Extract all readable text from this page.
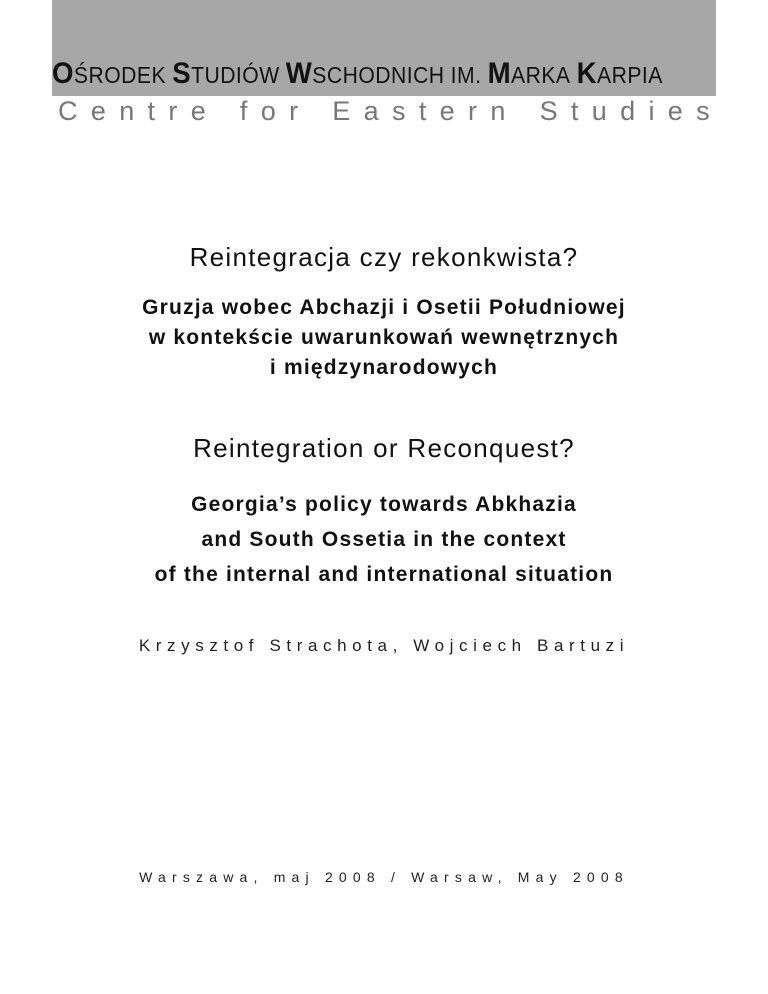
OŚRODEK STUDIÓW WSCHODNICH IM. MARKA KARPIA
C e n t r e
f o r
E a s t e r n
S t u d i e s
Reintegracja czy rekonkwista?
Gruzja wobec Abchazji i Osetii Południowej
w kontekście uwarunkowań wewnętrznych
i międzynarodowych
Reintegration or Reconquest?
Georgia’s policy towards Abkhazia
and South Ossetia in the context
of the internal and international situation
Krzysztof Strachota, Wojciech Bartuzi
Warszawa, maj 2008 / Warsaw, May 2008
